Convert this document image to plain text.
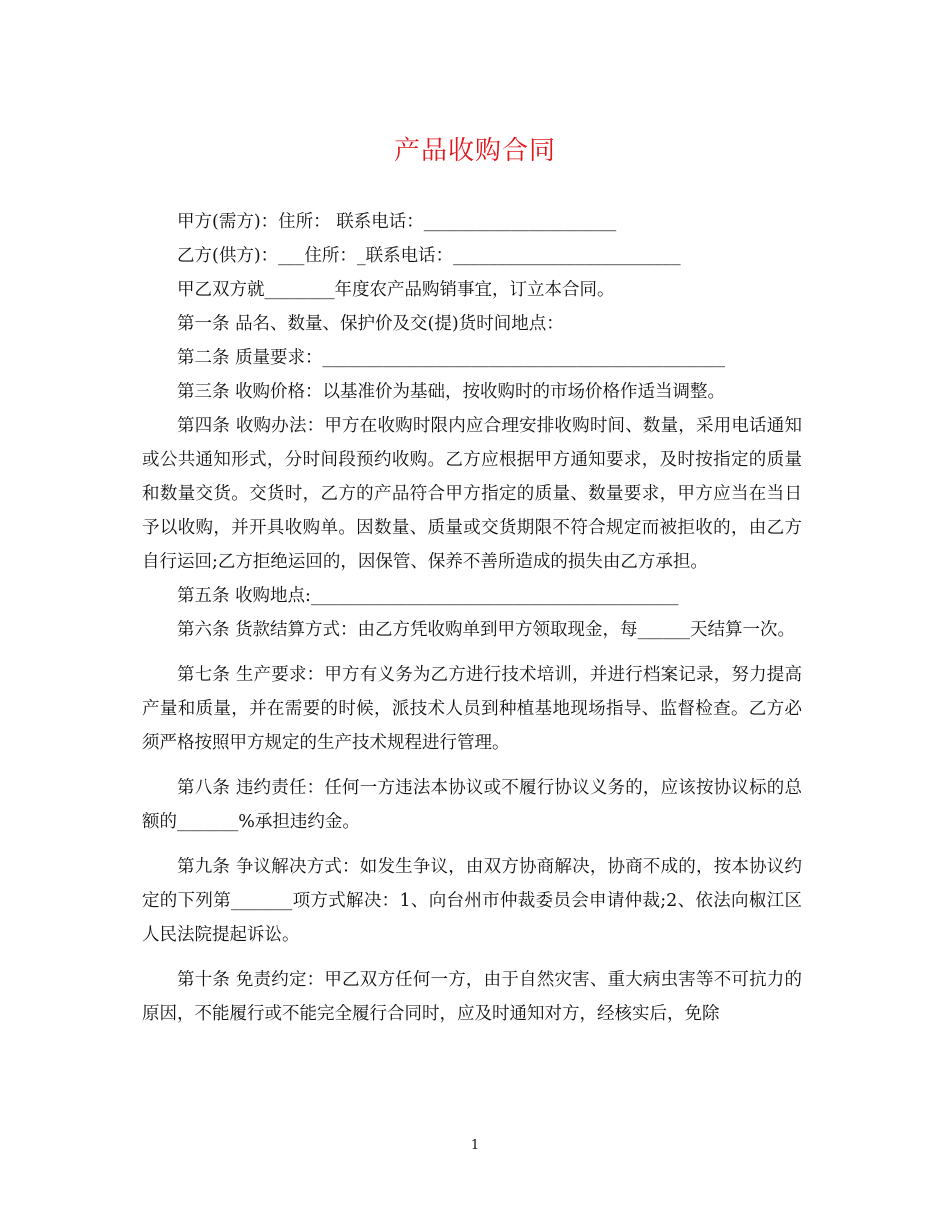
产品收购合同

甲方(需方)：住所： 联系电话：______________________

乙方(供方)：___住所：_联系电话：__________________________

甲乙双方就________年度农产品购销事宜，订立本合同。

第一条 品名、数量、保护价及交(提)货时间地点：

第二条 质量要求：______________________________________________

第三条 收购价格：以基准价为基础，按收购时的市场价格作适当调整。

第四条 收购办法：甲方在收购时限内应合理安排收购时间、数量，采用电话通知或公共通知形式，分时间段预约收购。乙方应根据甲方通知要求，及时按指定的质量和数量交货。交货时，乙方的产品符合甲方指定的质量、数量要求，甲方应当在当日予以收购，并开具收购单。因数量、质量或交货期限不符合规定而被拒收的，由乙方自行运回;乙方拒绝运回的，因保管、保养不善所造成的损失由乙方承担。

第五条 收购地点:__________________________________________

第六条 货款结算方式：由乙方凭收购单到甲方领取现金，每______天结算一次。

第七条 生产要求：甲方有义务为乙方进行技术培训，并进行档案记录，努力提高产量和质量，并在需要的时候，派技术人员到种植基地现场指导、监督检查。乙方必须严格按照甲方规定的生产技术规程进行管理。

第八条 违约责任：任何一方违法本协议或不履行协议义务的，应该按协议标的总额的_______%承担违约金。

第九条 争议解决方式：如发生争议，由双方协商解决，协商不成的，按本协议约定的下列第_______项方式解决：1、向台州市仲裁委员会申请仲裁;2、依法向椒江区人民法院提起诉讼。

第十条 免责约定：甲乙双方任何一方，由于自然灾害、重大病虫害等不可抗力的原因，不能履行或不能完全履行合同时，应及时通知对方，经核实后，免除

1
